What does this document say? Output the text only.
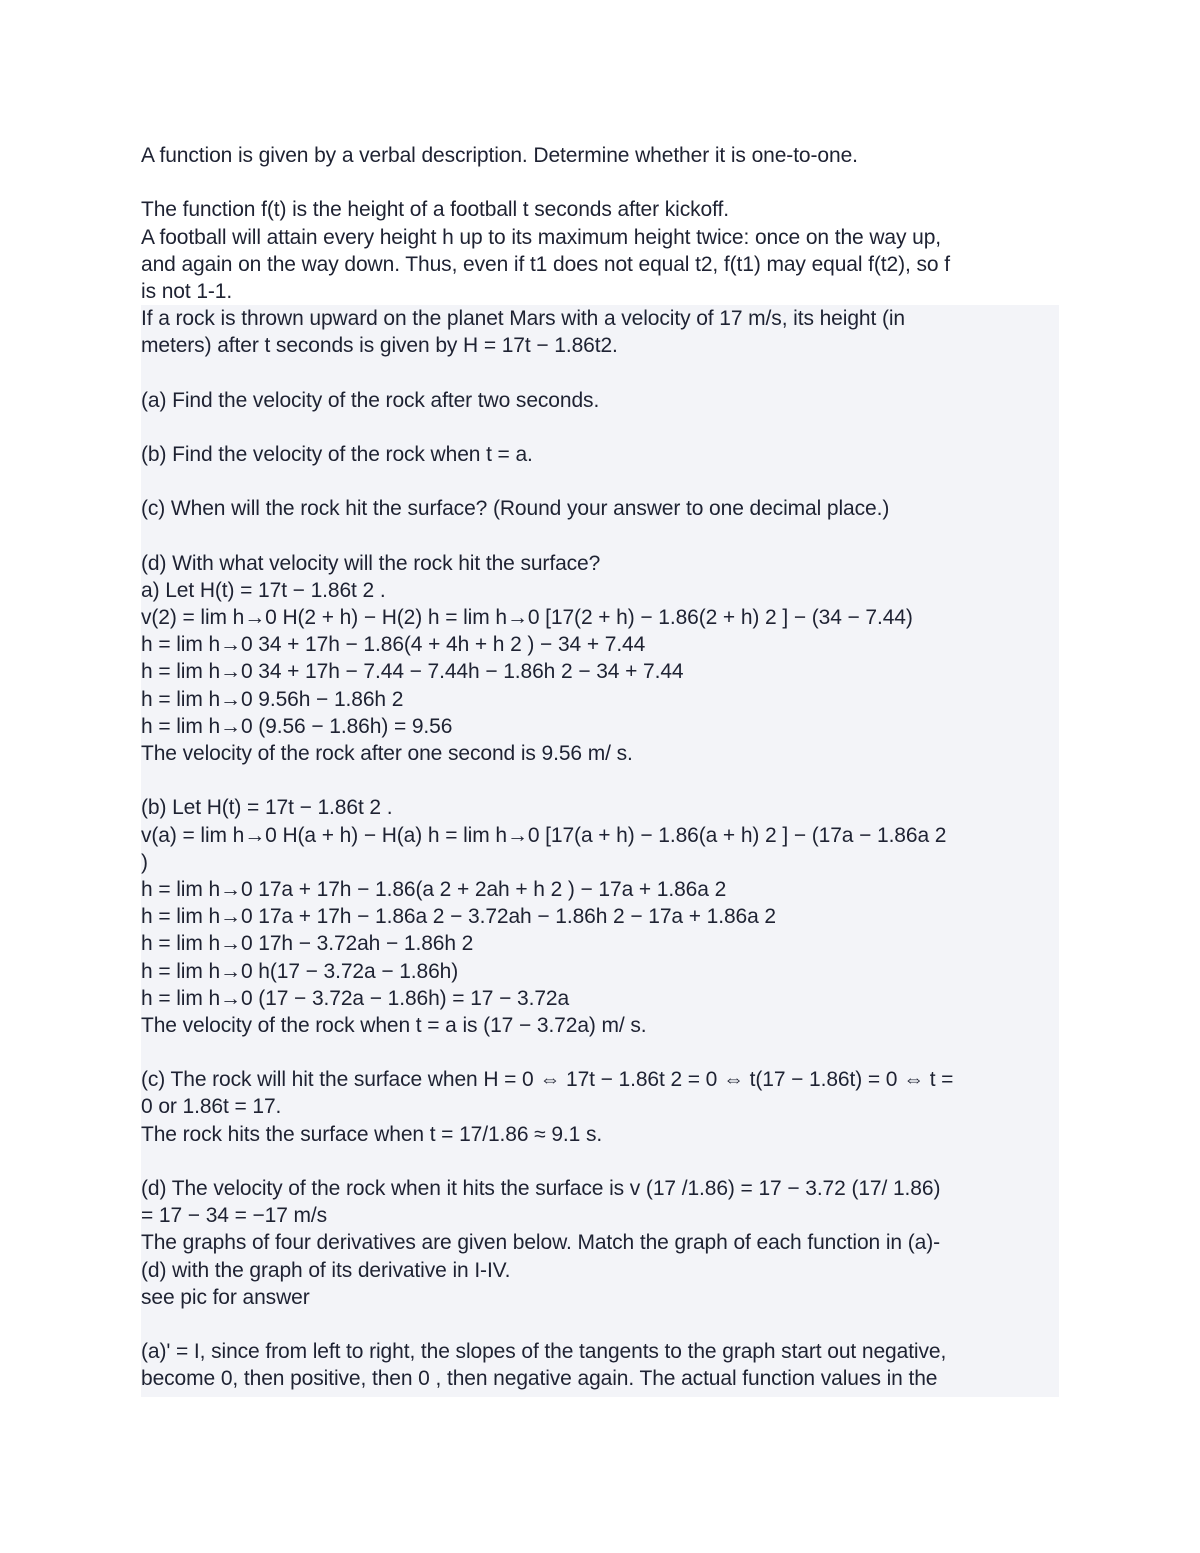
A function is given by a verbal description. Determine whether it is one-to-one.
The function f(t) is the height of a football t seconds after kickoff.
A football will attain every height h up to its maximum height twice: once on the way up,
and again on the way down. Thus, even if t1 does not equal t2, f(t1) may equal f(t2), so f
is not 1-1.
If a rock is thrown upward on the planet Mars with a velocity of 17 m/s, its height (in
meters) after t seconds is given by H = 17t − 1.86t2.
(a) Find the velocity of the rock after two seconds.
(b) Find the velocity of the rock when t = a.
(c) When will the rock hit the surface? (Round your answer to one decimal place.)
(d) With what velocity will the rock hit the surface?
a) Let H(t) = 17t − 1.86t 2 .
v(2) = lim h→0 H(2 + h) − H(2) h = lim h→0 [17(2 + h) − 1.86(2 + h) 2 ] − (34 − 7.44)
h = lim h→0 34 + 17h − 1.86(4 + 4h + h 2 ) − 34 + 7.44
h = lim h→0 34 + 17h − 7.44 − 7.44h − 1.86h 2 − 34 + 7.44
h = lim h→0 9.56h − 1.86h 2
h = lim h→0 (9.56 − 1.86h) = 9.56
The velocity of the rock after one second is 9.56 m/ s.
(b) Let H(t) = 17t − 1.86t 2 .
v(a) = lim h→0 H(a + h) − H(a) h = lim h→0 [17(a + h) − 1.86(a + h) 2 ] − (17a − 1.86a 2
)
h = lim h→0 17a + 17h − 1.86(a 2 + 2ah + h 2 ) − 17a + 1.86a 2
h = lim h→0 17a + 17h − 1.86a 2 − 3.72ah − 1.86h 2 − 17a + 1.86a 2
h = lim h→0 17h − 3.72ah − 1.86h 2
h = lim h→0 h(17 − 3.72a − 1.86h)
h = lim h→0 (17 − 3.72a − 1.86h) = 17 − 3.72a
The velocity of the rock when t = a is (17 − 3.72a) m/ s.
(c) The rock will hit the surface when H = 0 ⇔ 17t − 1.86t 2 = 0 ⇔ t(17 − 1.86t) = 0 ⇔ t =
0 or 1.86t = 17.
The rock hits the surface when t = 17/1.86 ≈ 9.1 s.
(d) The velocity of the rock when it hits the surface is v (17 /1.86) = 17 − 3.72 (17/ 1.86)
= 17 − 34 = −17 m/s
The graphs of four derivatives are given below. Match the graph of each function in (a)-
(d) with the graph of its derivative in I-IV.
see pic for answer
(a)' = I, since from left to right, the slopes of the tangents to the graph start out negative,
become 0, then positive, then 0 , then negative again. The actual function values in the
